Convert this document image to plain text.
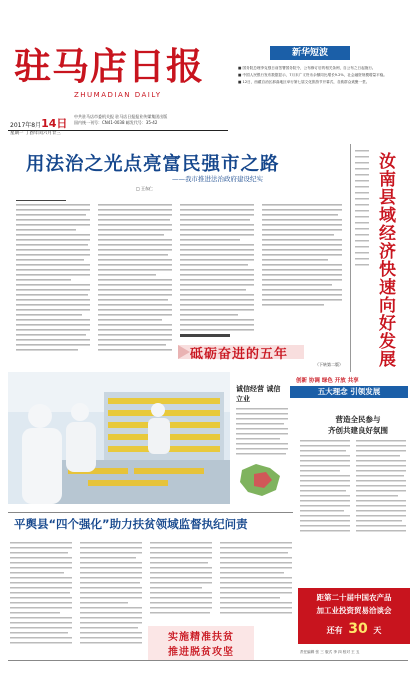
驻马店日报
ZHUMADIAN DAILY
2017年8月14日
星期一 丁酉年闰六月廿三
中共驻马店市委机关报 驻马店日报报业传媒集团出版
国内统一刊号：CN41-0038 邮发代号：35-42
新华短波
■ 国务院总理李克强日前签署国务院令，公布修订后的相关条例，自公布之日起施行。
■ 中国人民银行发布数据显示，7月末广义货币余额同比增长9.2%，社会融资规模增量平稳。
■ 12日，西藏自治区那曲地区举行第七届文化旅游节开幕式，各族群众欢聚一堂。
用法治之光点亮富民强市之路
——我市推进法治政府建设纪实
□ 王东仁
砥砺奋进的五年	汝南县域经济快速向好发展
（下转第二版）
创新 协调 绿色 开放 共享
五大理念 引领发展
诚信经营 诚信立业
营造全民参与
齐创共建良好氛围
平舆县“四个强化”助力扶贫领域监督执纪问责
实施精准扶贫
推进脱贫攻坚
距第二十届中国农产品
加工业投资贸易洽谈会
还有 30 天
责任编辑 张 三 版式 李 四 校对 王 五
